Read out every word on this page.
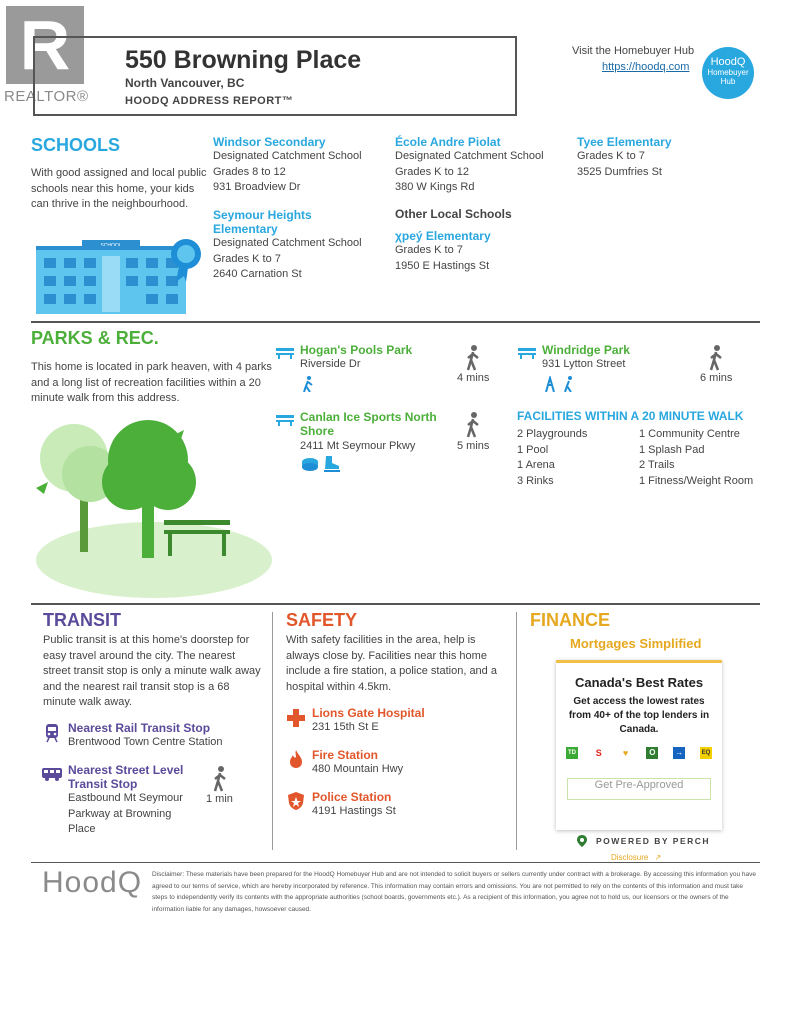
R
REALTOR®
550 Browning Place
North Vancouver, BC
HOODQ ADDRESS REPORT™
Visit the Homebuyer Hub
https://hoodq.com	HoodQ
Homebuyer
Hub
SCHOOLS
With good assigned and local public
schools near this home, your kids
can thrive in the neighbourhood.
Windsor Secondary
Designated Catchment School
Grades 8 to 12
931 Broadview Dr
École Andre Piolat
Designated Catchment School
Grades K to 12
380 W Kings Rd
Tyee Elementary
Grades K to 7
3525 Dumfries St
Seymour Heights
Elementary
Designated Catchment School
Grades K to 7
2640 Carnation St
Other Local Schools
χpeý Elementary
Grades K to 7
1950 E Hastings St
PARKS & REC.
This home is located in park heaven, with 4 parks
and a long list of recreation facilities within a 20
minute walk from this address.
Hogan's Pools Park
Riverside Dr
4 mins
Windridge Park
931 Lytton Street
6 mins
Canlan Ice Sports North
Shore
2411 Mt Seymour Pkwy	5 mins
FACILITIES WITHIN A 20 MINUTE WALK
2 Playgrounds
1 Pool
1 Arena
3 Rinks
1 Community Centre
1 Splash Pad
2 Trails
1 Fitness/Weight Room
TRANSIT
Public transit is at this home's doorstep for
easy travel around the city. The nearest
street transit stop is only a minute walk away
and the nearest rail transit stop is a 68
minute walk away.
Nearest Rail Transit Stop
Brentwood Town Centre Station
Nearest Street Level
Transit Stop
Eastbound Mt Seymour
Parkway at Browning
Place
1 min
SAFETY
With safety facilities in the area, help is
always close by. Facilities near this home
include a fire station, a police station, and a
hospital within 4.5km.
Lions Gate Hospital
231 15th St E
Fire Station
480 Mountain Hwy
Police Station
4191 Hastings St
FINANCE
Mortgages Simplified
Canada's Best Rates
Get access the lowest rates
from 40+ of the top lenders in
Canada.
TD	S	♥	O	→	EQ
Get Pre-Approved
POWERED BY PERCH
Disclosure ↗
HoodQ Disclaimer: These materials have been prepared for the HoodQ Homebuyer Hub and are not intended to solicit buyers or sellers currently under contract with a brokerage. By accessing this information you have agreed to our terms of service, which are hereby incorporated by reference. This information may contain errors and omissions. You are not permitted to rely on the contents of this information and must take steps to independently verify its contents with the appropriate authorities (school boards, governments etc.). As a recipient of this information, you agree not to hold us, our licensors or the owners of the information liable for any damages, howsoever caused.
